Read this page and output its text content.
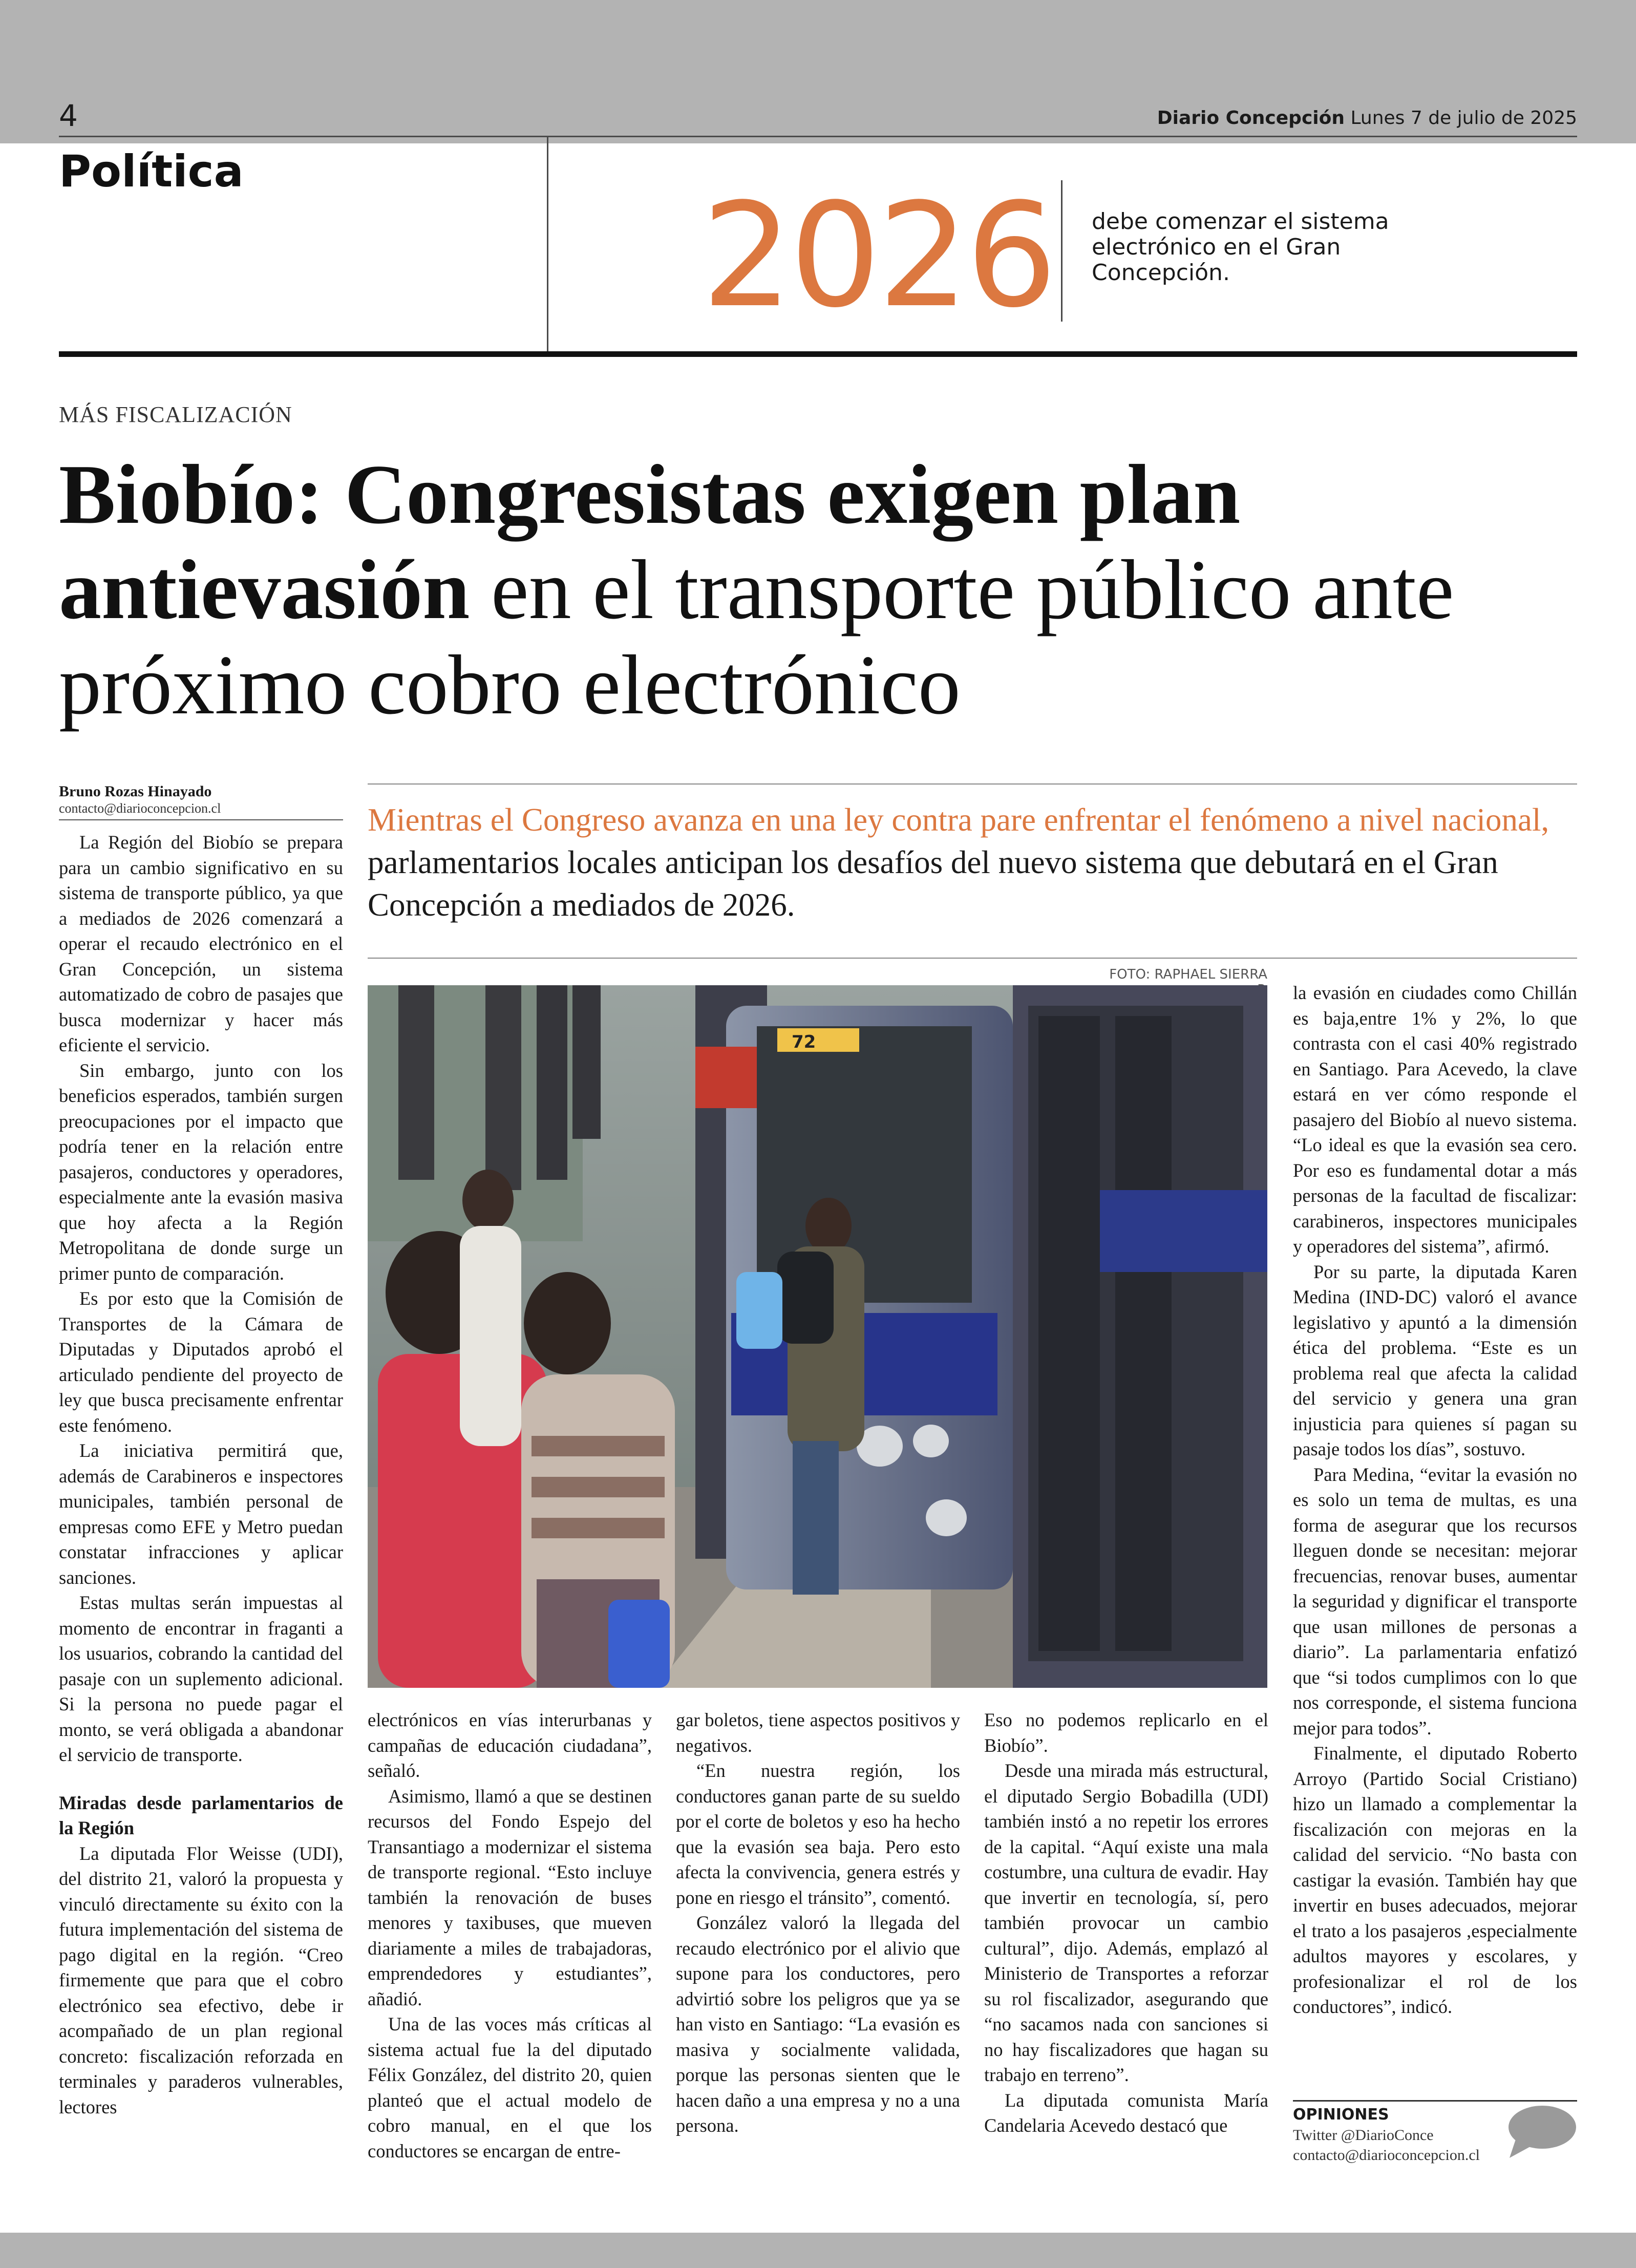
4	Diario Concepción Lunes 7 de julio de 2025
Política
2026 debe comenzar el sistema electrónico en el Gran Concepción.
MÁS FISCALIZACIÓN
Biobío: Congresistas exigen plan antievasión en el transporte público ante próximo cobro electrónico
Bruno Rozas Hinayado
contacto@diarioconcepcion.cl	Mientras el Congreso avanza en una ley contra pare enfrentar el fenómeno a nivel nacional, parlamentarios locales anticipan los desafíos del nuevo sistema que debutará en el Gran Concepción a mediados de 2026.
FOTO: RAPHAEL SIERRA
72

La Región del Biobío se prepara para un cambio significativo en su sistema de transporte público, ya que a mediados de 2026 comenzará a operar el recaudo electrónico en el Gran Concepción, un sistema automatizado de cobro de pasajes que busca modernizar y hacer más eficiente el servicio.

Sin embargo, junto con los beneficios esperados, también surgen preocupaciones por el impacto que podría tener en la relación entre pasajeros, conductores y operadores, especialmente ante la evasión masiva que hoy afecta a la Región Metropolitana de donde surge un primer punto de comparación.

Es por esto que la Comisión de Transportes de la Cámara de Diputadas y Diputados aprobó el articulado pendiente del proyecto de ley que busca precisamente enfrentar este fenómeno.

La iniciativa permitirá que, además de Carabineros e inspectores municipales, también personal de empresas como EFE y Metro puedan constatar infracciones y aplicar sanciones.

Estas multas serán impuestas al momento de encontrar in fraganti a los usuarios, cobrando la cantidad del pasaje con un suplemento adicional. Si la persona no puede pagar el monto, se verá obligada a abandonar el servicio de transporte.

Miradas desde parlamentarios de la Región

La diputada Flor Weisse (UDI), del distrito 21, valoró la propuesta y vinculó directamente su éxito con la futura implementación del sistema de pago digital en la región. “Creo firmemente que para que el cobro electrónico sea efectivo, debe ir acompañado de un plan regional concreto: fiscalización reforzada en terminales y paraderos vulnerables, lectores

electrónicos en vías interurbanas y campañas de educación ciudadana”, señaló.

Asimismo, llamó a que se destinen recursos del Fondo Espejo del Transantiago a modernizar el sistema de transporte regional. “Esto incluye también la renovación de buses menores y taxibuses, que mueven diariamente a miles de trabajadoras, emprendedores y estudiantes”, añadió.

Una de las voces más críticas al sistema actual fue la del diputado Félix González, del distrito 20, quien planteó que el actual modelo de cobro manual, en el que los conductores se encargan de entre-

gar boletos, tiene aspectos positivos y negativos.

“En nuestra región, los conductores ganan parte de su sueldo por el corte de boletos y eso ha hecho que la evasión sea baja. Pero esto afecta la convivencia, genera estrés y pone en riesgo el tránsito”, comentó.

González valoró la llegada del recaudo electrónico por el alivio que supone para los conductores, pero advirtió sobre los peligros que ya se han visto en Santiago: “La evasión es masiva y socialmente validada, porque las personas sienten que le hacen daño a una empresa y no a una persona.

Eso no podemos replicarlo en el Biobío”.

Desde una mirada más estructural, el diputado Sergio Bobadilla (UDI) también instó a no repetir los errores de la capital. “Aquí existe una mala costumbre, una cultura de evadir. Hay que invertir en tecnología, sí, pero también provocar un cambio cultural”, dijo. Además, emplazó al Ministerio de Transportes a reforzar su rol fiscalizador, asegurando que “no sacamos nada con sanciones si no hay fiscalizadores que hagan su trabajo en terreno”.

La diputada comunista María Candelaria Acevedo destacó que

la evasión en ciudades como Chillán es baja,entre 1% y 2%, lo que contrasta con el casi 40% registrado en Santiago. Para Acevedo, la clave estará en ver cómo responde el pasajero del Biobío al nuevo sistema. “Lo ideal es que la evasión sea cero. Por eso es fundamental dotar a más personas de la facultad de fiscalizar: carabineros, inspectores municipales y operadores del sistema”, afirmó.

Por su parte, la diputada Karen Medina (IND-DC) valoró el avance legislativo y apuntó a la dimensión ética del problema. “Este es un problema real que afecta la calidad del servicio y genera una gran injusticia para quienes sí pagan su pasaje todos los días”, sostuvo.

Para Medina, “evitar la evasión no es solo un tema de multas, es una forma de asegurar que los recursos lleguen donde se necesitan: mejorar frecuencias, renovar buses, aumentar la seguridad y dignificar el transporte que usan millones de personas a diario”. La parlamentaria enfatizó que “si todos cumplimos con lo que nos corresponde, el sistema funciona mejor para todos”.

Finalmente, el diputado Roberto Arroyo (Partido Social Cristiano) hizo un llamado a complementar la fiscalización con mejoras en la calidad del servicio. “No basta con castigar la evasión. También hay que invertir en buses adecuados, mejorar el trato a los pasajeros ,especialmente adultos mayores y escolares, y profesionalizar el rol de los conductores”, indicó.

OPINIONES
Twitter @DiarioConce
contacto@diarioconcepcion.cl
